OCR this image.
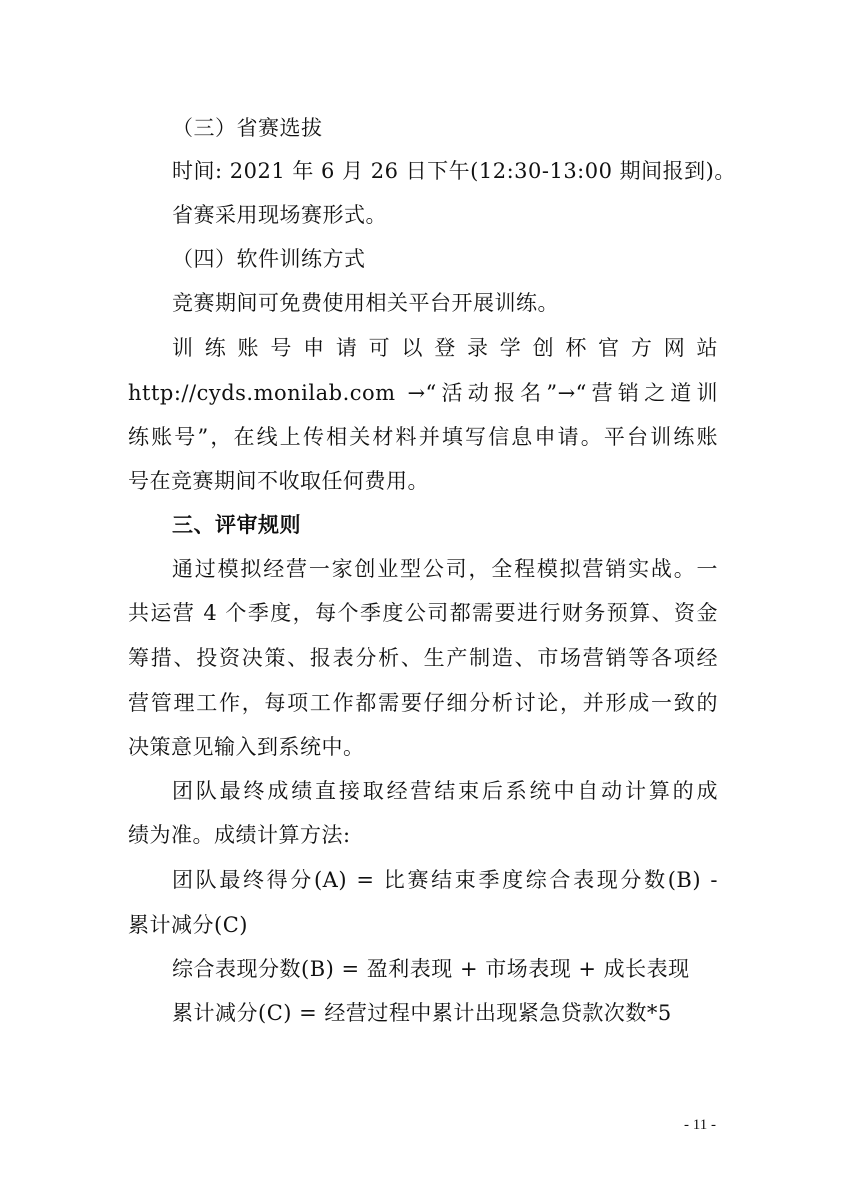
（三）省赛选拔
时间: 2021 年 6 月 26 日下午(12:30-13:00 期间报到)。
省赛采用现场赛形式。
（四）软件训练方式
竞赛期间可免费使用相关平台开展训练。
训练账号申请可以登录学创杯官方网站
http://cyds.monilab.com →“活动报名”→“营销之道训
练账号”，在线上传相关材料并填写信息申请。平台训练账
号在竞赛期间不收取任何费用。
三、评审规则
通过模拟经营一家创业型公司，全程模拟营销实战。一
共运营 4 个季度，每个季度公司都需要进行财务预算、资金
筹措、投资决策、报表分析、生产制造、市场营销等各项经
营管理工作，每项工作都需要仔细分析讨论，并形成一致的
决策意见输入到系统中。
团队最终成绩直接取经营结束后系统中自动计算的成
绩为准。成绩计算方法:
团队最终得分(A) = 比赛结束季度综合表现分数(B) -
累计减分(C)
综合表现分数(B) = 盈利表现 + 市场表现 + 成长表现
累计减分(C) = 经营过程中累计出现紧急贷款次数*5
- 11 -
